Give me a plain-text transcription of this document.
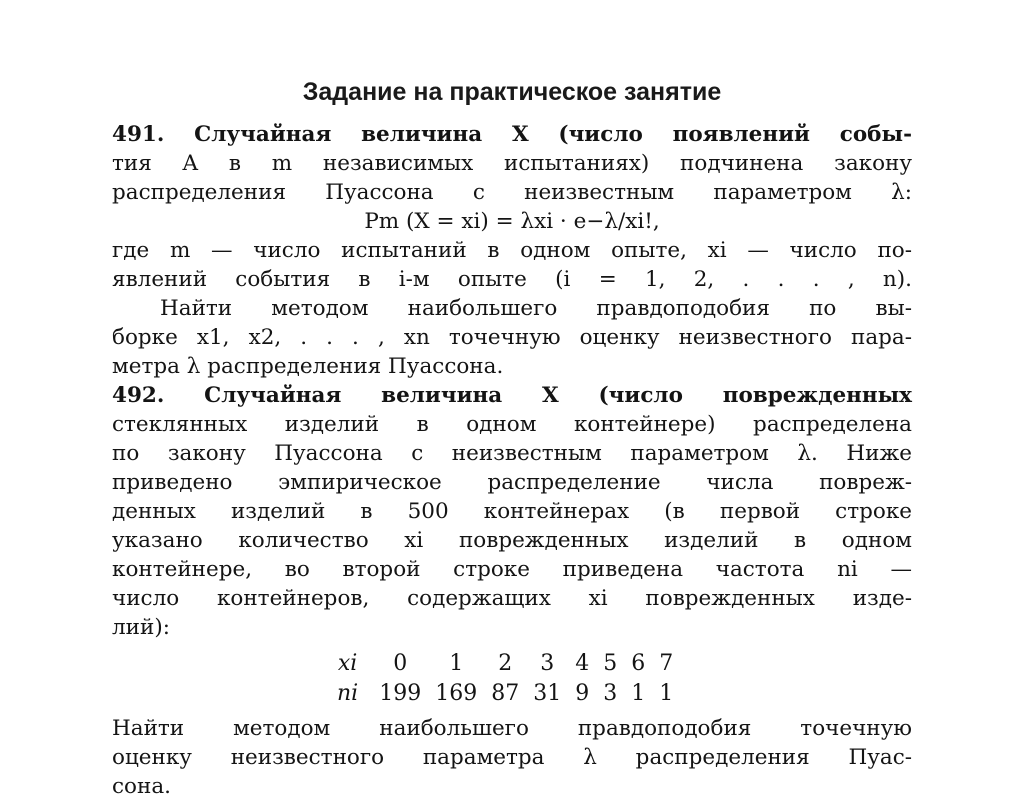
Задание на практическое занятие
491. Случайная величина X (число появлений собы-
тия A в m независимых испытаниях) подчинена закону
распределения Пуассона с неизвестным параметром λ:
Pm (X = xi) = λxi · e−λ/xi!,
где m — число испытаний в одном опыте, xi — число по-
явлений события в i-м опыте (i = 1, 2, . . . , n).
Найти методом наибольшего правдоподобия по вы-
борке x1, x2, . . . , xn точечную оценку неизвестного пара-
метра λ распределения Пуассона.
492. Случайная величина X (число поврежденных
стеклянных изделий в одном контейнере) распределена
по закону Пуассона с неизвестным параметром λ. Ниже
приведено эмпирическое распределение числа повреж-
денных изделий в 500 контейнерах (в первой строке
указано количество xi поврежденных изделий в одном
контейнере, во второй строке приведена частота ni —
число контейнеров, содержащих xi поврежденных изде-
лий):
xi	0	1	2	3	4	5	6	7
ni	199	169	87	31	9	3	1	1
Найти методом наибольшего правдоподобия точечную
оценку неизвестного параметра λ распределения Пуас-
сона.
